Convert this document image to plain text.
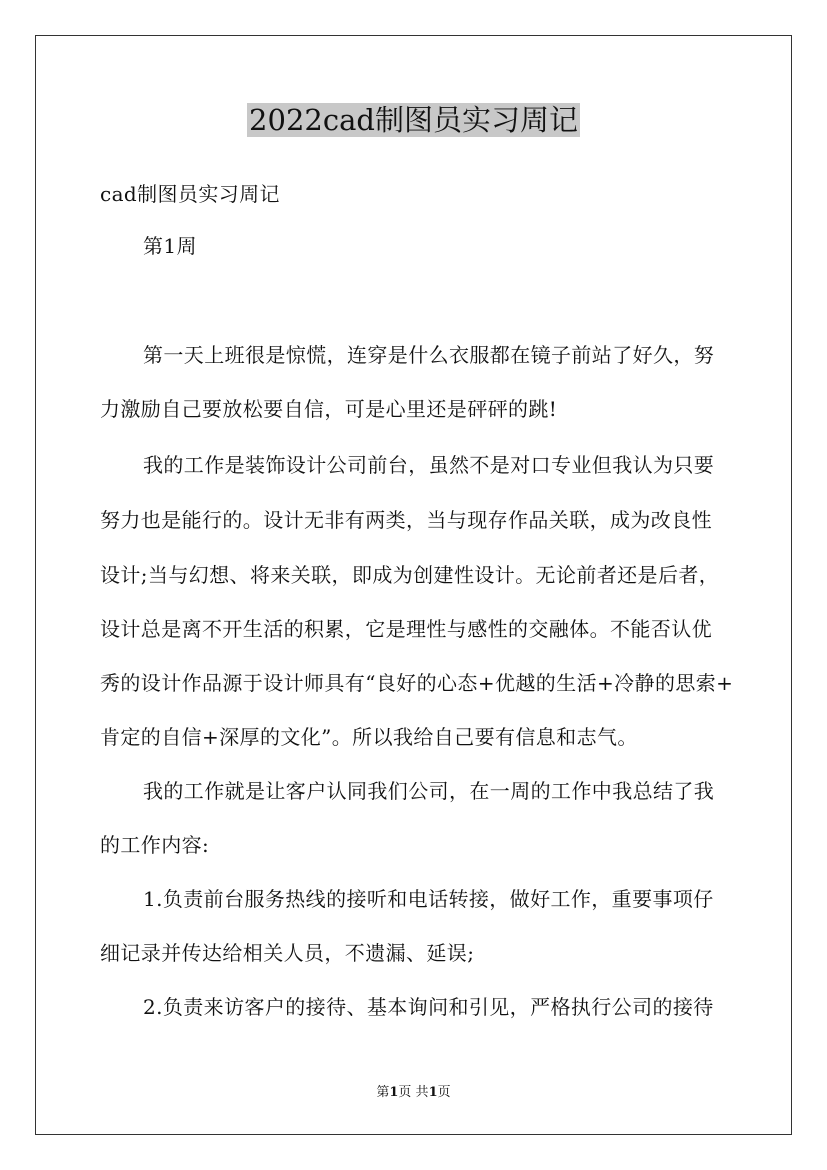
2022cad制图员实习周记
cad制图员实习周记
第1周
第一天上班很是惊慌，连穿是什么衣服都在镜子前站了好久，努
力激励自己要放松要自信，可是心里还是砰砰的跳!
我的工作是装饰设计公司前台，虽然不是对口专业但我认为只要
努力也是能行的。设计无非有两类，当与现存作品关联，成为改良性
设计;当与幻想、将来关联，即成为创建性设计。无论前者还是后者，
设计总是离不开生活的积累，它是理性与感性的交融体。不能否认优
秀的设计作品源于设计师具有“良好的心态+优越的生活+冷静的思索+
肯定的自信+深厚的文化”。所以我给自己要有信息和志气。
我的工作就是让客户认同我们公司，在一周的工作中我总结了我
的工作内容:
1.负责前台服务热线的接听和电话转接，做好工作，重要事项仔
细记录并传达给相关人员，不遗漏、延误;
2.负责来访客户的接待、基本询问和引见，严格执行公司的接待
第1页 共1页
